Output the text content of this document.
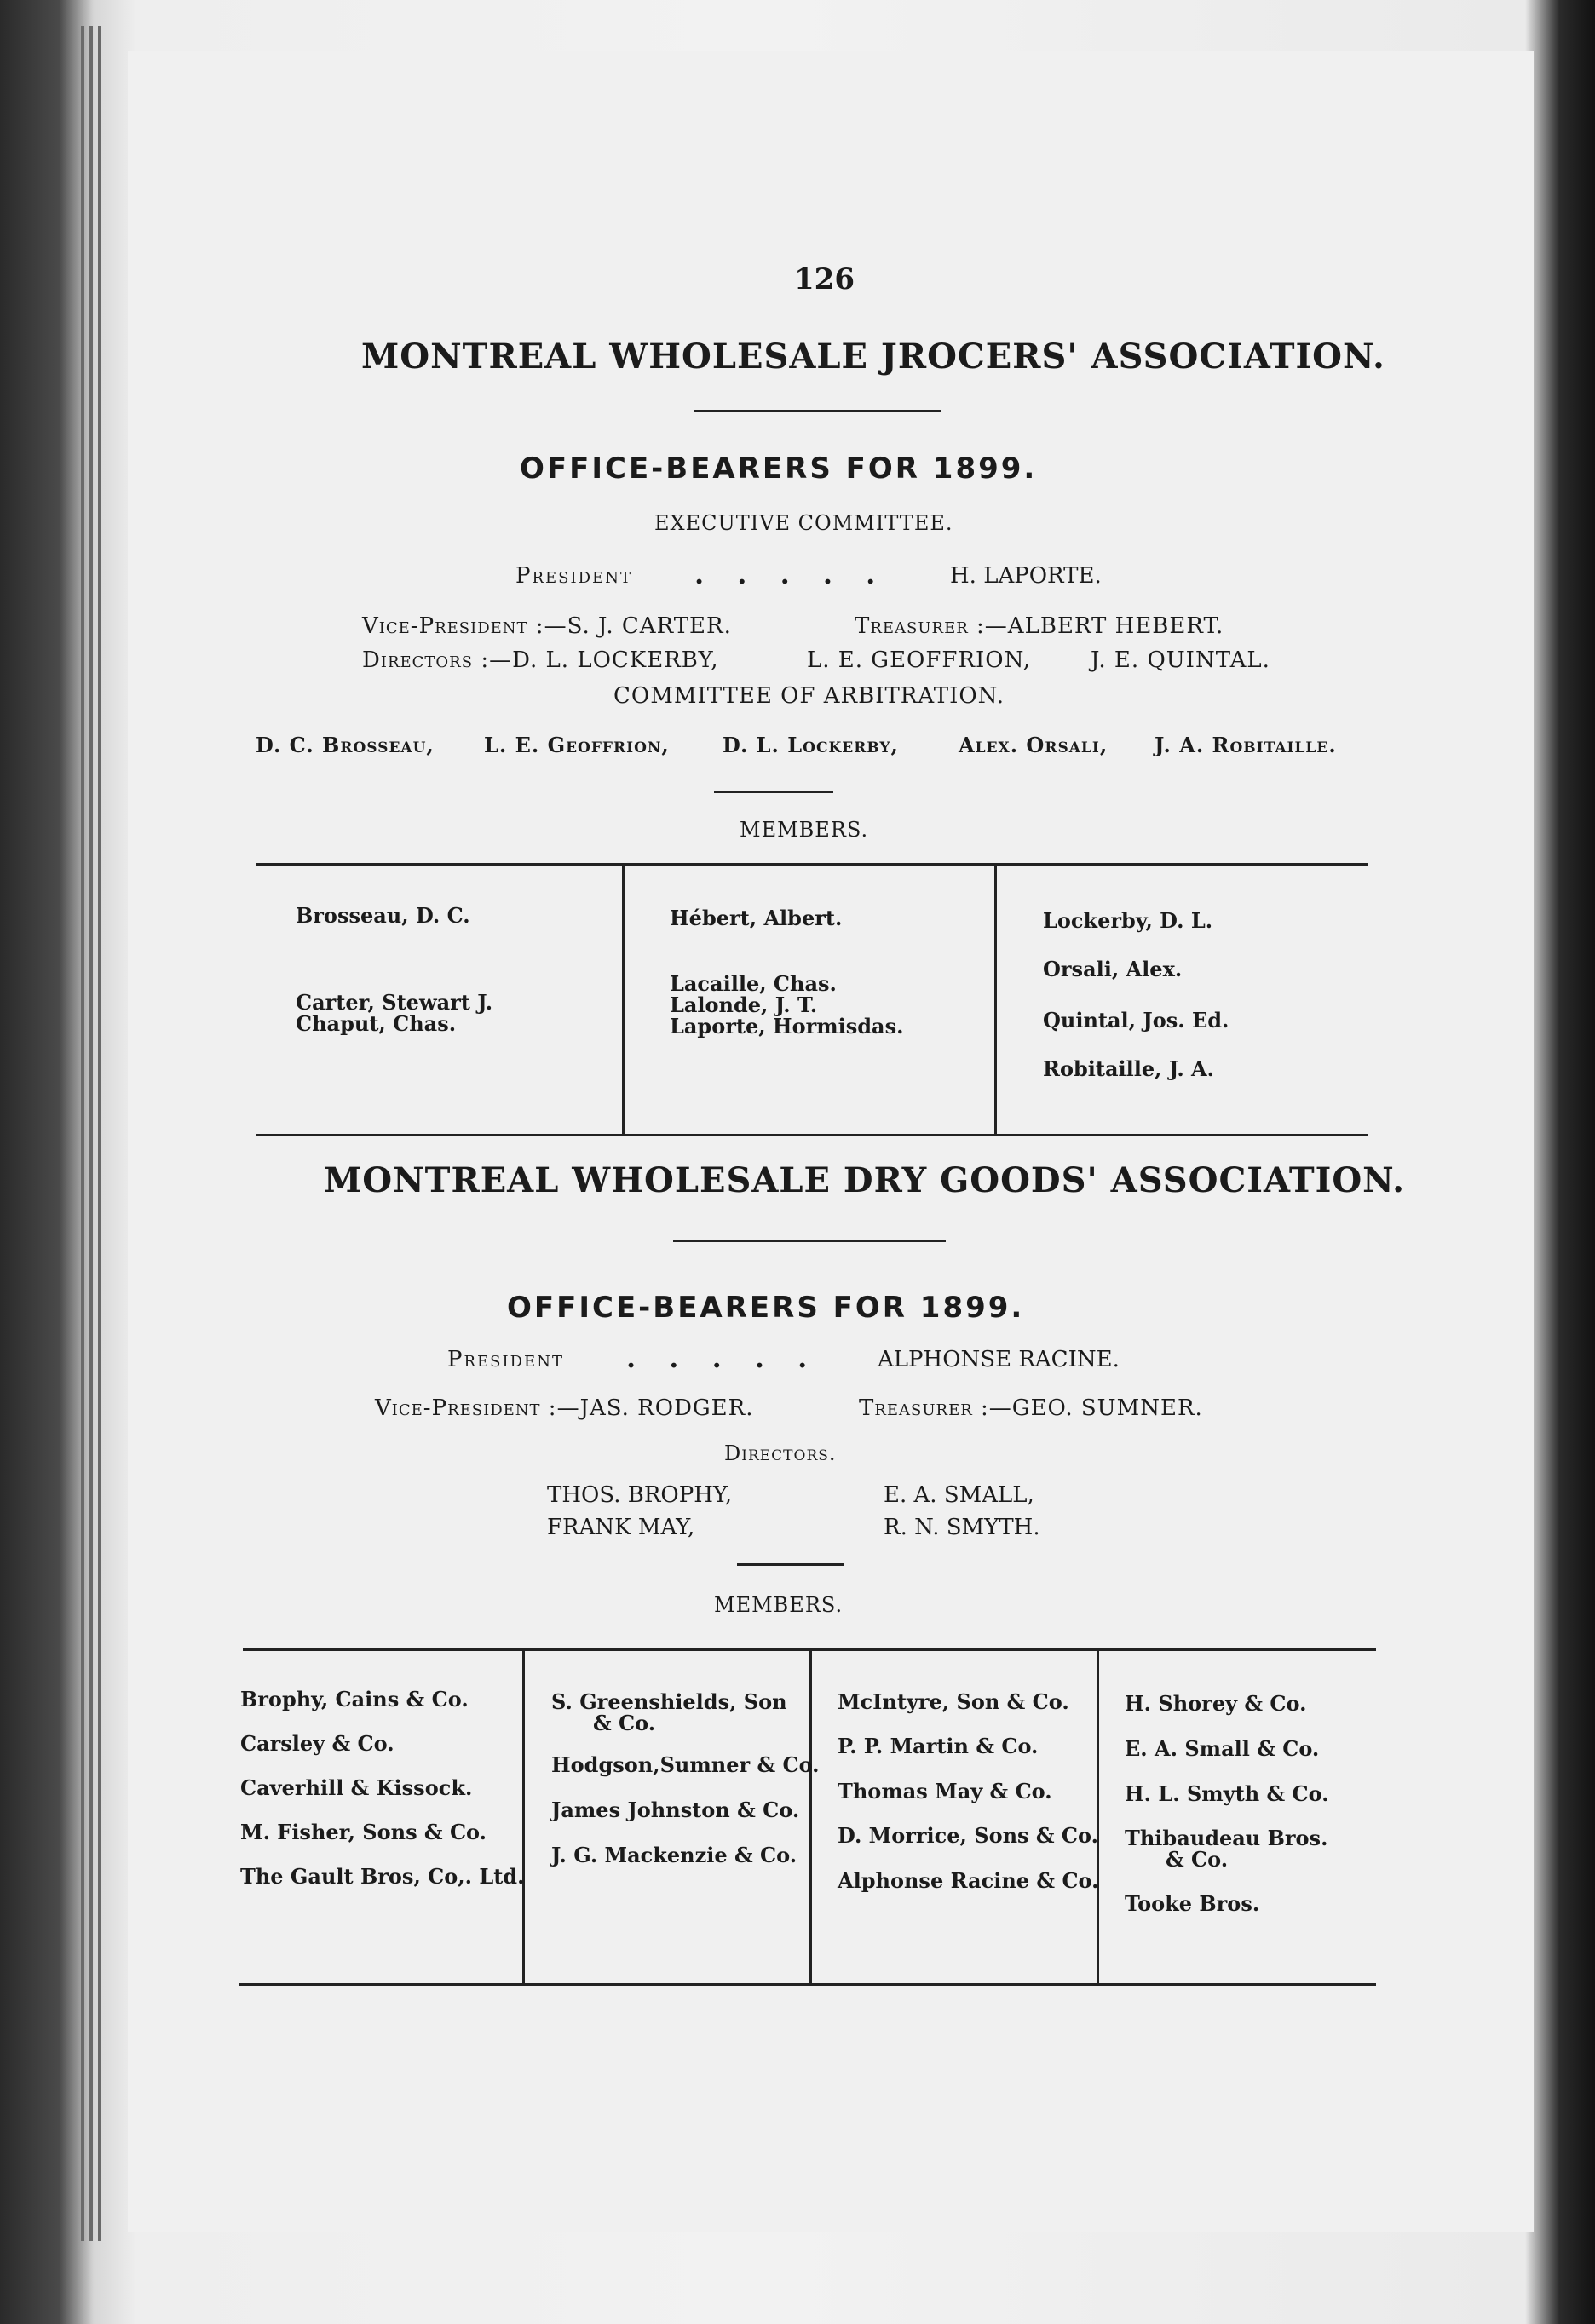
126
MONTREAL WHOLESALE JROCERS' ASSOCIATION.
OFFICE-BEARERS FOR 1899.
EXECUTIVE COMMITTEE.
President . . . . .	H. LAPORTE.
Vice-President :—S. J. CARTER.	Treasurer :—ALBERT HEBERT.
Directors :—D. L. LOCKERBY,	L. E. GEOFFRION,	J. E. QUINTAL.
COMMITTEE OF ARBITRATION.
D. C. Brosseau, L. E. Geoffrion,	D. L. Lockerby,	Alex. Orsali, J. A. Robitaille.
MEMBERS.
Brosseau, D. C.
Carter, Stewart J.
Chaput, Chas.
Hébert, Albert.
Lacaille, Chas.
Lalonde, J. T.
Laporte, Hormisdas.
Lockerby, D. L.
Orsali, Alex.
Quintal, Jos. Ed.
Robitaille, J. A.
MONTREAL WHOLESALE DRY GOODS' ASSOCIATION.
OFFICE-BEARERS FOR 1899.
President . . . . .	ALPHONSE RACINE.
Vice-President :—JAS. RODGER.	Treasurer :—GEO. SUMNER.
Directors.
THOS. BROPHY,	E. A. SMALL,
FRANK MAY,	R. N. SMYTH.
MEMBERS.
Brophy, Cains & Co.
Carsley & Co.
Caverhill & Kissock.
M. Fisher, Sons & Co.
The Gault Bros, Co,. Ltd.
S. Greenshields, Son
& Co.
Hodgson,Sumner & Co.
James Johnston & Co.
J. G. Mackenzie & Co.
McIntyre, Son & Co.
P. P. Martin & Co.
Thomas May & Co.
D. Morrice, Sons & Co.
Alphonse Racine & Co.
H. Shorey & Co.
E. A. Small & Co.
H. L. Smyth & Co.
Thibaudeau Bros.
& Co.
Tooke Bros.
